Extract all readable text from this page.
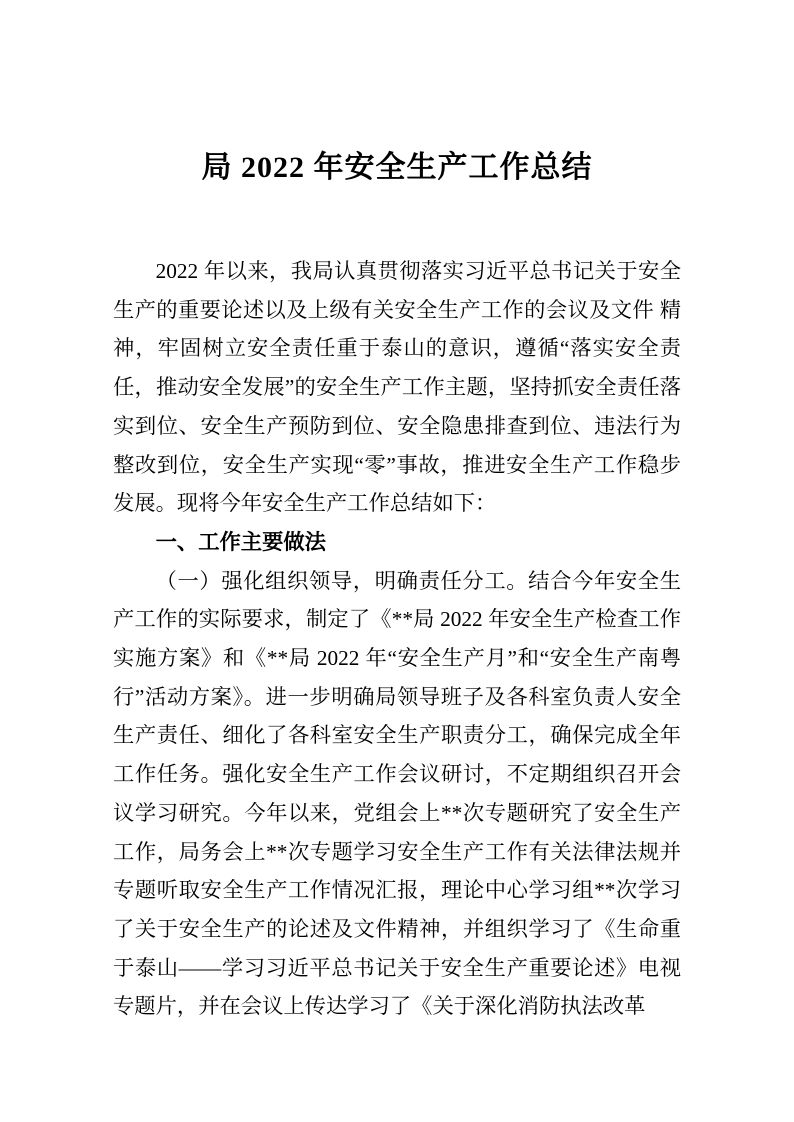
局 2022 年安全生产工作总结

2022 年以来，我局认真贯彻落实习近平总书记关于安全生产的重要论述以及上级有关安全生产工作的会议及文件 精神，牢固树立安全责任重于泰山的意识，遵循“落实安全责任，推动安全发展”的安全生产工作主题，坚持抓安全责任落实到位、安全生产预防到位、安全隐患排查到位、违法行为整改到位，安全生产实现“零”事故，推进安全生产工作稳步发展。现将今年安全生产工作总结如下：

一、工作主要做法

（一）强化组织领导，明确责任分工。结合今年安全生产工作的实际要求，制定了《**局 2022 年安全生产检查工作实施方案》和《**局 2022 年“安全生产月”和“安全生产南粤行”活动方案》。进一步明确局领导班子及各科室负责人安全生产责任、细化了各科室安全生产职责分工，确保完成全年工作任务。强化安全生产工作会议研讨，不定期组织召开会议学习研究。今年以来，党组会上**次专题研究了安全生产工作，局务会上**次专题学习安全生产工作有关法律法规并专题听取安全生产工作情况汇报，理论中心学习组**次学习了关于安全生产的论述及文件精神，并组织学习了《生命重于泰山——学习习近平总书记关于安全生产重要论述》电视专题片，并在会议上传达学习了《关于深化消防执法改革
